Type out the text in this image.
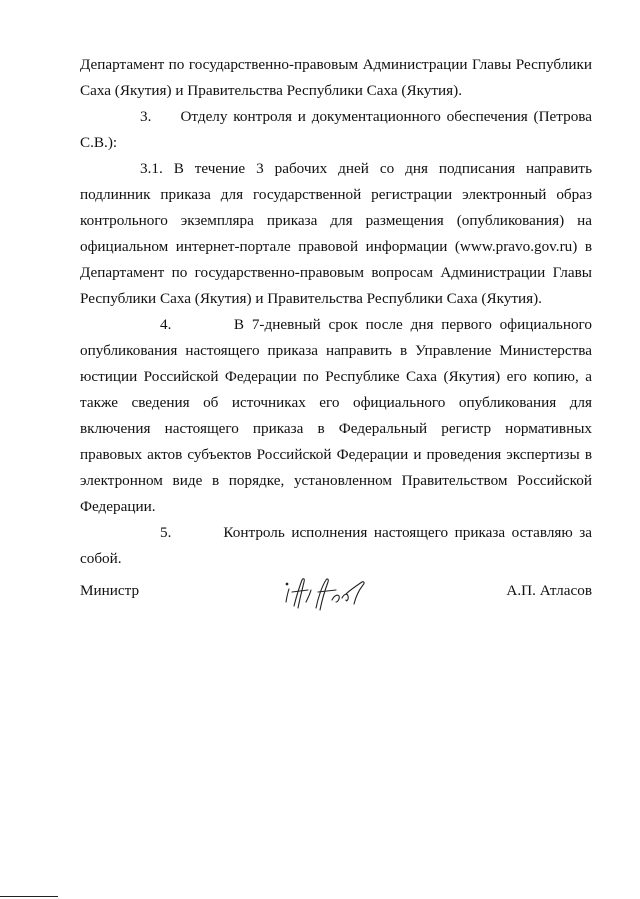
Департамент по государственно-правовым Администрации Главы Республики Саха (Якутия) и Правительства Республики Саха (Якутия).

3. Отделу контроля и документационного обеспечения (Петрова С.В.):

3.1. В течение 3 рабочих дней со дня подписания направить подлинник приказа для государственной регистрации электронный образ контрольного экземпляра приказа для размещения (опубликования) на официальном интернет-портале правовой информации (www.pravo.gov.ru) в Департамент по государственно-правовым вопросам Администрации Главы Республики Саха (Якутия) и Правительства Республики Саха (Якутия).

4.	В 7-дневный срок после дня первого официального опубликования настоящего приказа направить в Управление Министерства юстиции Российской Федерации по Республике Саха (Якутия) его копию, а также сведения об источниках его официального опубликования для включения настоящего приказа в Федеральный регистр нормативных правовых актов субъектов Российской Федерации и проведения экспертизы в электронном виде в порядке, установленном Правительством Российской Федерации.

5.	Контроль исполнения настоящего приказа оставляю за собой.

Министр	А.П. Атласов
